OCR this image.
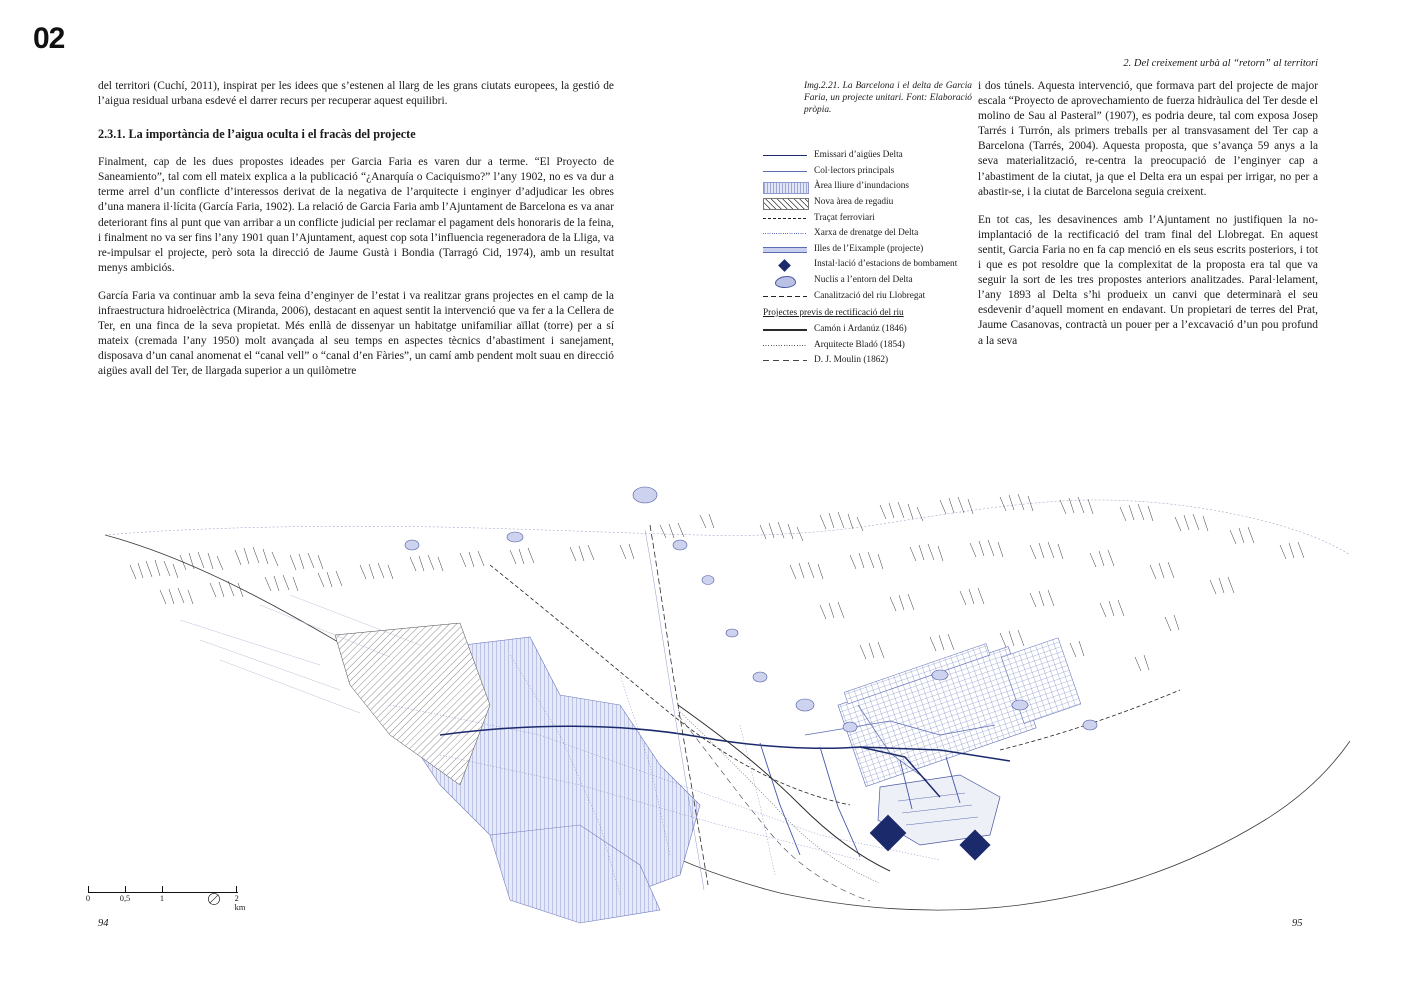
02
2. Del creixement urbà al “retorn” al territori

del territori (Cuchí, 2011), inspirat per les idees que s’estenen al llarg de les grans ciutats europees, la gestió de l’aigua residual urbana esdevé el darrer recurs per recuperar aquest equilibri.

2.3.1. La importància de l’aigua oculta i el fracàs del projecte

Finalment, cap de les dues propostes ideades per Garcia Faria es varen dur a terme. “El Proyecto de Saneamiento”, tal com ell mateix explica a la publicació “¿Anarquía o Caciquismo?” l’any 1902, no es va dur a terme arrel d’un conflicte d’interessos derivat de la negativa de l’arquitecte i enginyer d’adjudicar les obres d’una manera il·lícita (García Faria, 1902). La relació de Garcia Faria amb l’Ajuntament de Barcelona es va anar deteriorant fins al punt que van arribar a un conflicte judicial per reclamar el pagament dels honoraris de la feina, i finalment no va ser fins l’any 1901 quan l’Ajuntament, aquest cop sota l’influencia regeneradora de la Lliga, va re-impulsar el projecte, però sota la direcció de Jaume Gustà i Bondia (Tarragó Cid, 1974), amb un resultat menys ambiciós.

García Faria va continuar amb la seva feina d’enginyer de l’estat i va realitzar grans projectes en el camp de la infraestructura hidroelèctrica (Miranda, 2006), destacant en aquest sentit la intervenció que va fer a la Cellera de Ter, en una finca de la seva propietat. Més enllà de dissenyar un habitatge unifamiliar aïllat (torre) per a sí mateix (cremada l’any 1950) molt avançada al seu temps en aspectes tècnics d’abastiment i sanejament, disposava d’un canal anomenat el “canal vell” o “canal d’en Fàries”, un camí amb pendent molt suau en direcció aigües avall del Ter, de llargada superior a un quilòmetre

Img.2.21. La Barcelona i el delta de Garcia Faria, un projecte unitari. Font: Elaboració pròpia.
Emissari d’aigües Delta
Col·lectors principals
Àrea lliure d’inundacions
Nova àrea de regadiu
Traçat ferroviari
Xarxa de drenatge del Delta
Illes de l’Eixample (projecte)
Instal·lació d’estacions de bombament
Nuclis a l’entorn del Delta
Canalització del riu Llobregat
Projectes previs de rectificació del riu
Camón i Ardanúz (1846)
Arquitecte Bladó (1854)
D. J. Moulin (1862)

i dos túnels. Aquesta intervenció, que formava part del projecte de major escala “Proyecto de aprovechamiento de fuerza hidràulica del Ter desde el molino de Sau al Pasteral” (1907), es podria deure, tal com exposa Josep Tarrés i Turrón, als primers treballs per al transvasament del Ter cap a Barcelona (Tarrés, 2004). Aquesta proposta, que s’avança 59 anys a la seva materialització, re-centra la preocupació de l’enginyer cap a l’abastiment de la ciutat, ja que el Delta era un espai per irrigar, no per a abastir-se, i la ciutat de Barcelona seguia creixent.

En tot cas, les desavinences amb l’Ajuntament no justifiquen la no-implantació de la rectificació del tram final del Llobregat. En aquest sentit, Garcia Faria no en fa cap menció en els seus escrits posteriors, i tot i que es pot resoldre que la complexitat de la proposta era tal que va seguir la sort de les tres propostes anteriors analitzades. Paral·lelament, l’any 1893 al Delta s’hi produeix un canvi que determinarà el seu esdevenir d’aquell moment en endavant. Un propietari de terres del Prat, Jaume Casanovas, contractà un pouer per a l’excavació d’un pou profund a la seva

0	0,5	1	2 km
94	95
